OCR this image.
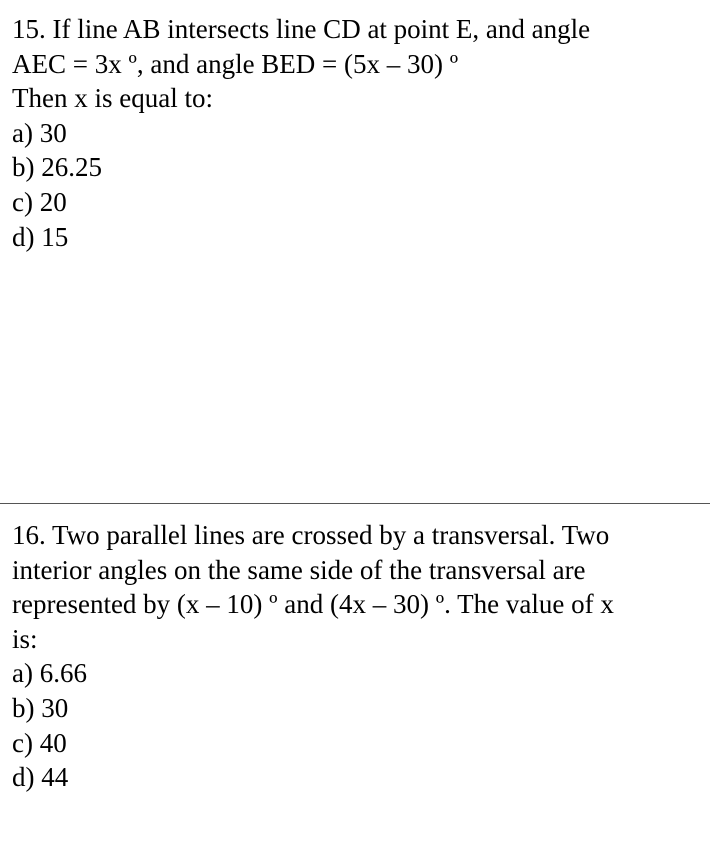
15. If line AB intersects line CD at point E, and angle

AEC = 3x º, and angle BED = (5x – 30) º

Then x is equal to:

a) 30

b) 26.25

c) 20

d) 15

16. Two parallel lines are crossed by a transversal. Two

interior angles on the same side of the transversal are

represented by (x – 10) º and (4x – 30) º. The value of x

is:

a) 6.66

b) 30

c) 40

d) 44
